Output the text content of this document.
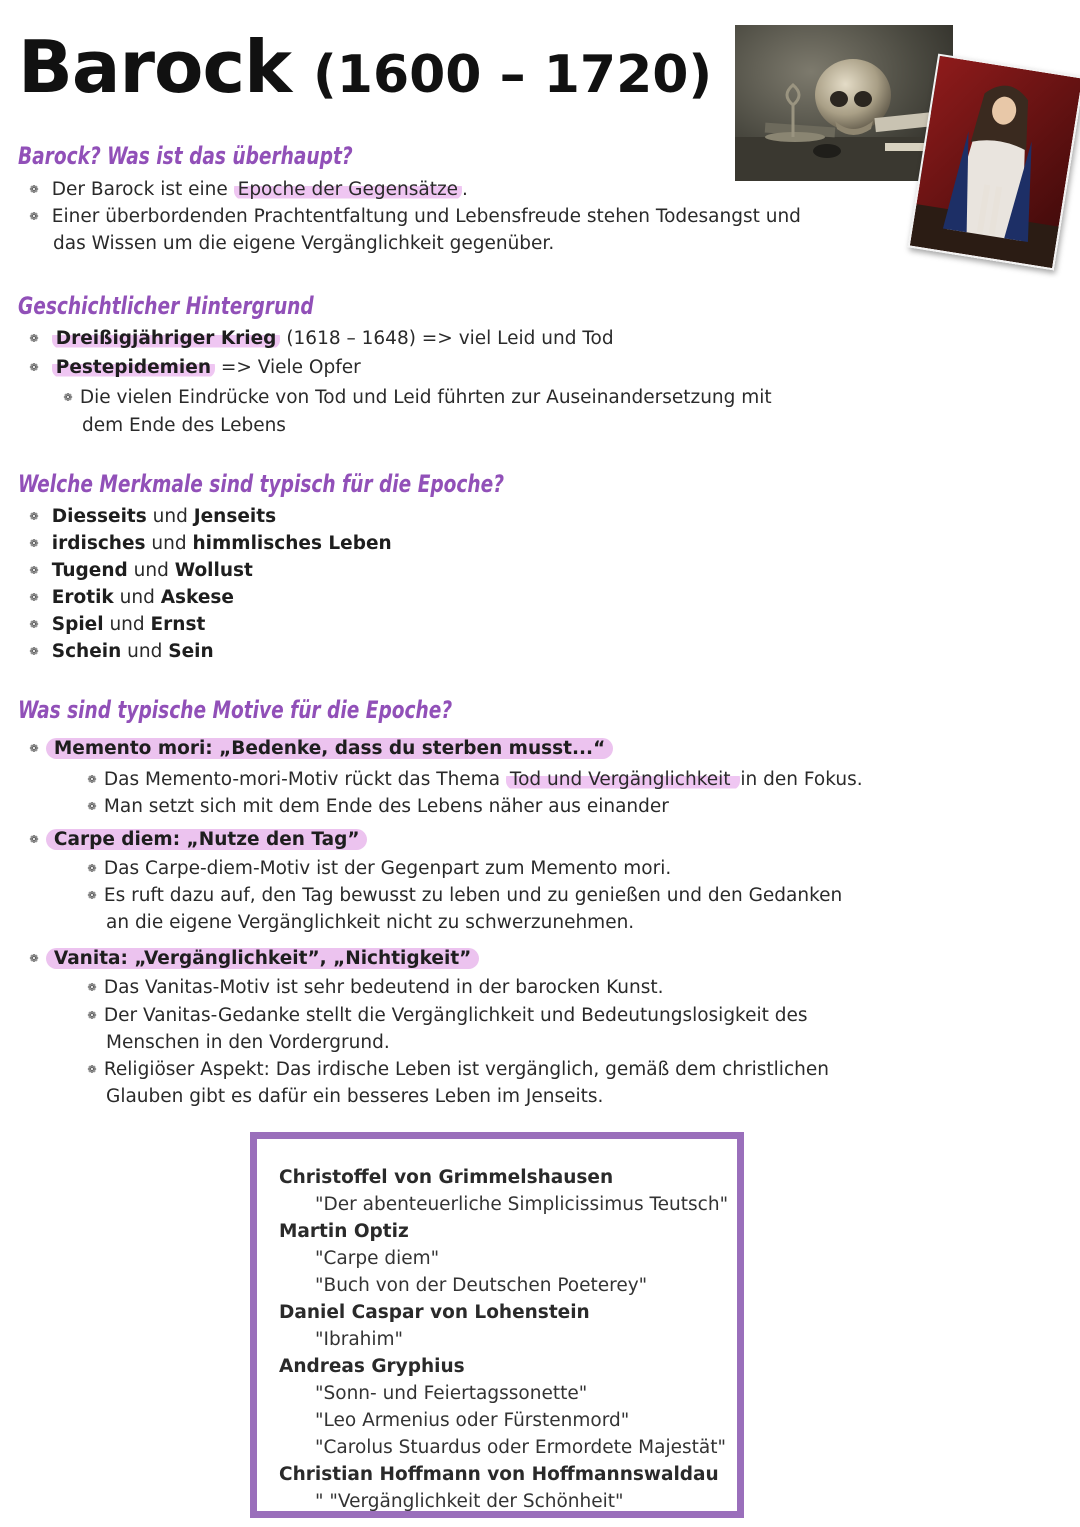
Barock (1600 – 1720)
Barock? Was ist das überhaupt?
❁ Der Barock ist eine Epoche der Gegensätze .
❁ Einer überbordenden Prachtentfaltung und Lebensfreude stehen Todesangst und
das Wissen um die eigene Vergänglichkeit gegenüber.
Geschichtlicher Hintergrund
❁ Dreißigjähriger Krieg (1618 – 1648) => viel Leid und Tod
❁ Pestepidemien => Viele Opfer
❁ Die vielen Eindrücke von Tod und Leid führten zur Auseinandersetzung mit
dem Ende des Lebens
Welche Merkmale sind typisch für die Epoche?
❁ Diesseits und Jenseits
❁ irdisches und himmlisches Leben
❁ Tugend und Wollust
❁ Erotik und Askese
❁ Spiel und Ernst
❁ Schein und Sein
Was sind typische Motive für die Epoche?
❁ Memento mori: „Bedenke, dass du sterben musst...“
❁ Das Memento-mori-Motiv rückt das Thema Tod und Vergänglichkeit in den Fokus.
❁ Man setzt sich mit dem Ende des Lebens näher aus einander
❁ Carpe diem: „Nutze den Tag”
❁ Das Carpe-diem-Motiv ist der Gegenpart zum Memento mori.
❁ Es ruft dazu auf, den Tag bewusst zu leben und zu genießen und den Gedanken
an die eigene Vergänglichkeit nicht zu schwerzunehmen.
❁ Vanita: „Vergänglichkeit”, „Nichtigkeit”
❁ Das Vanitas-Motiv ist sehr bedeutend in der barocken Kunst.
❁ Der Vanitas-Gedanke stellt die Vergänglichkeit und Bedeutungslosigkeit des
Menschen in den Vordergrund.
❁ Religiöser Aspekt: Das irdische Leben ist vergänglich, gemäß dem christlichen
Glauben gibt es dafür ein besseres Leben im Jenseits.
Christoffel von Grimmelshausen
"Der abenteuerliche Simplicissimus Teutsch"
Martin Optiz
"Carpe diem"
"Buch von der Deutschen Poeterey"
Daniel Caspar von Lohenstein
"Ibrahim"
Andreas Gryphius
"Sonn- und Feiertagssonette"
"Leo Armenius oder Fürstenmord"
"Carolus Stuardus oder Ermordete Majestät"
Christian Hoffmann von Hoffmannswaldau
" "Vergänglichkeit der Schönheit"
